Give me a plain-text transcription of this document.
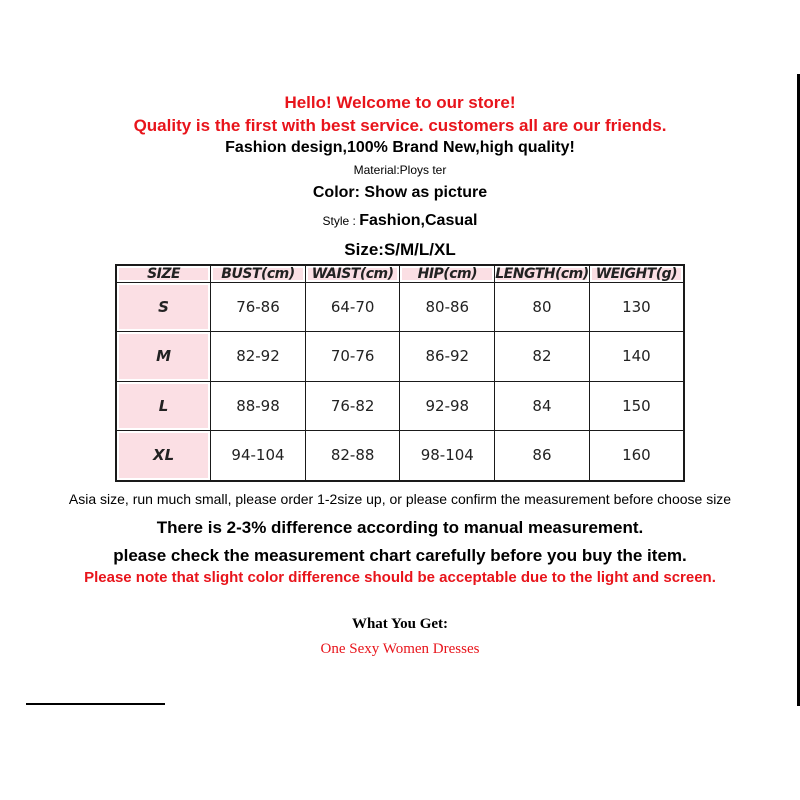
Hello! Welcome to our store!
Quality is the first with best service. customers all are our friends.
Fashion design,100% Brand New,high quality!
Material:Ploys ter
Color: Show as picture
Style : Fashion,Casual
Size:S/M/L/XL
SIZE	BUST(cm)	WAIST(cm)	HIP(cm)	LENGTH(cm)	WEIGHT(g)
S	76-86	64-70	80-86	80	130
M	82-92	70-76	86-92	82	140
L	88-98	76-82	92-98	84	150
XL	94-104	82-88	98-104	86	160
Asia size, run much small, please order 1-2size up, or please confirm the measurement before choose size
There is 2-3% difference according to manual measurement.
please check the measurement chart carefully before you buy the item.
Please note that slight color difference should be acceptable due to the light and screen.
What You Get:
One Sexy Women Dresses
